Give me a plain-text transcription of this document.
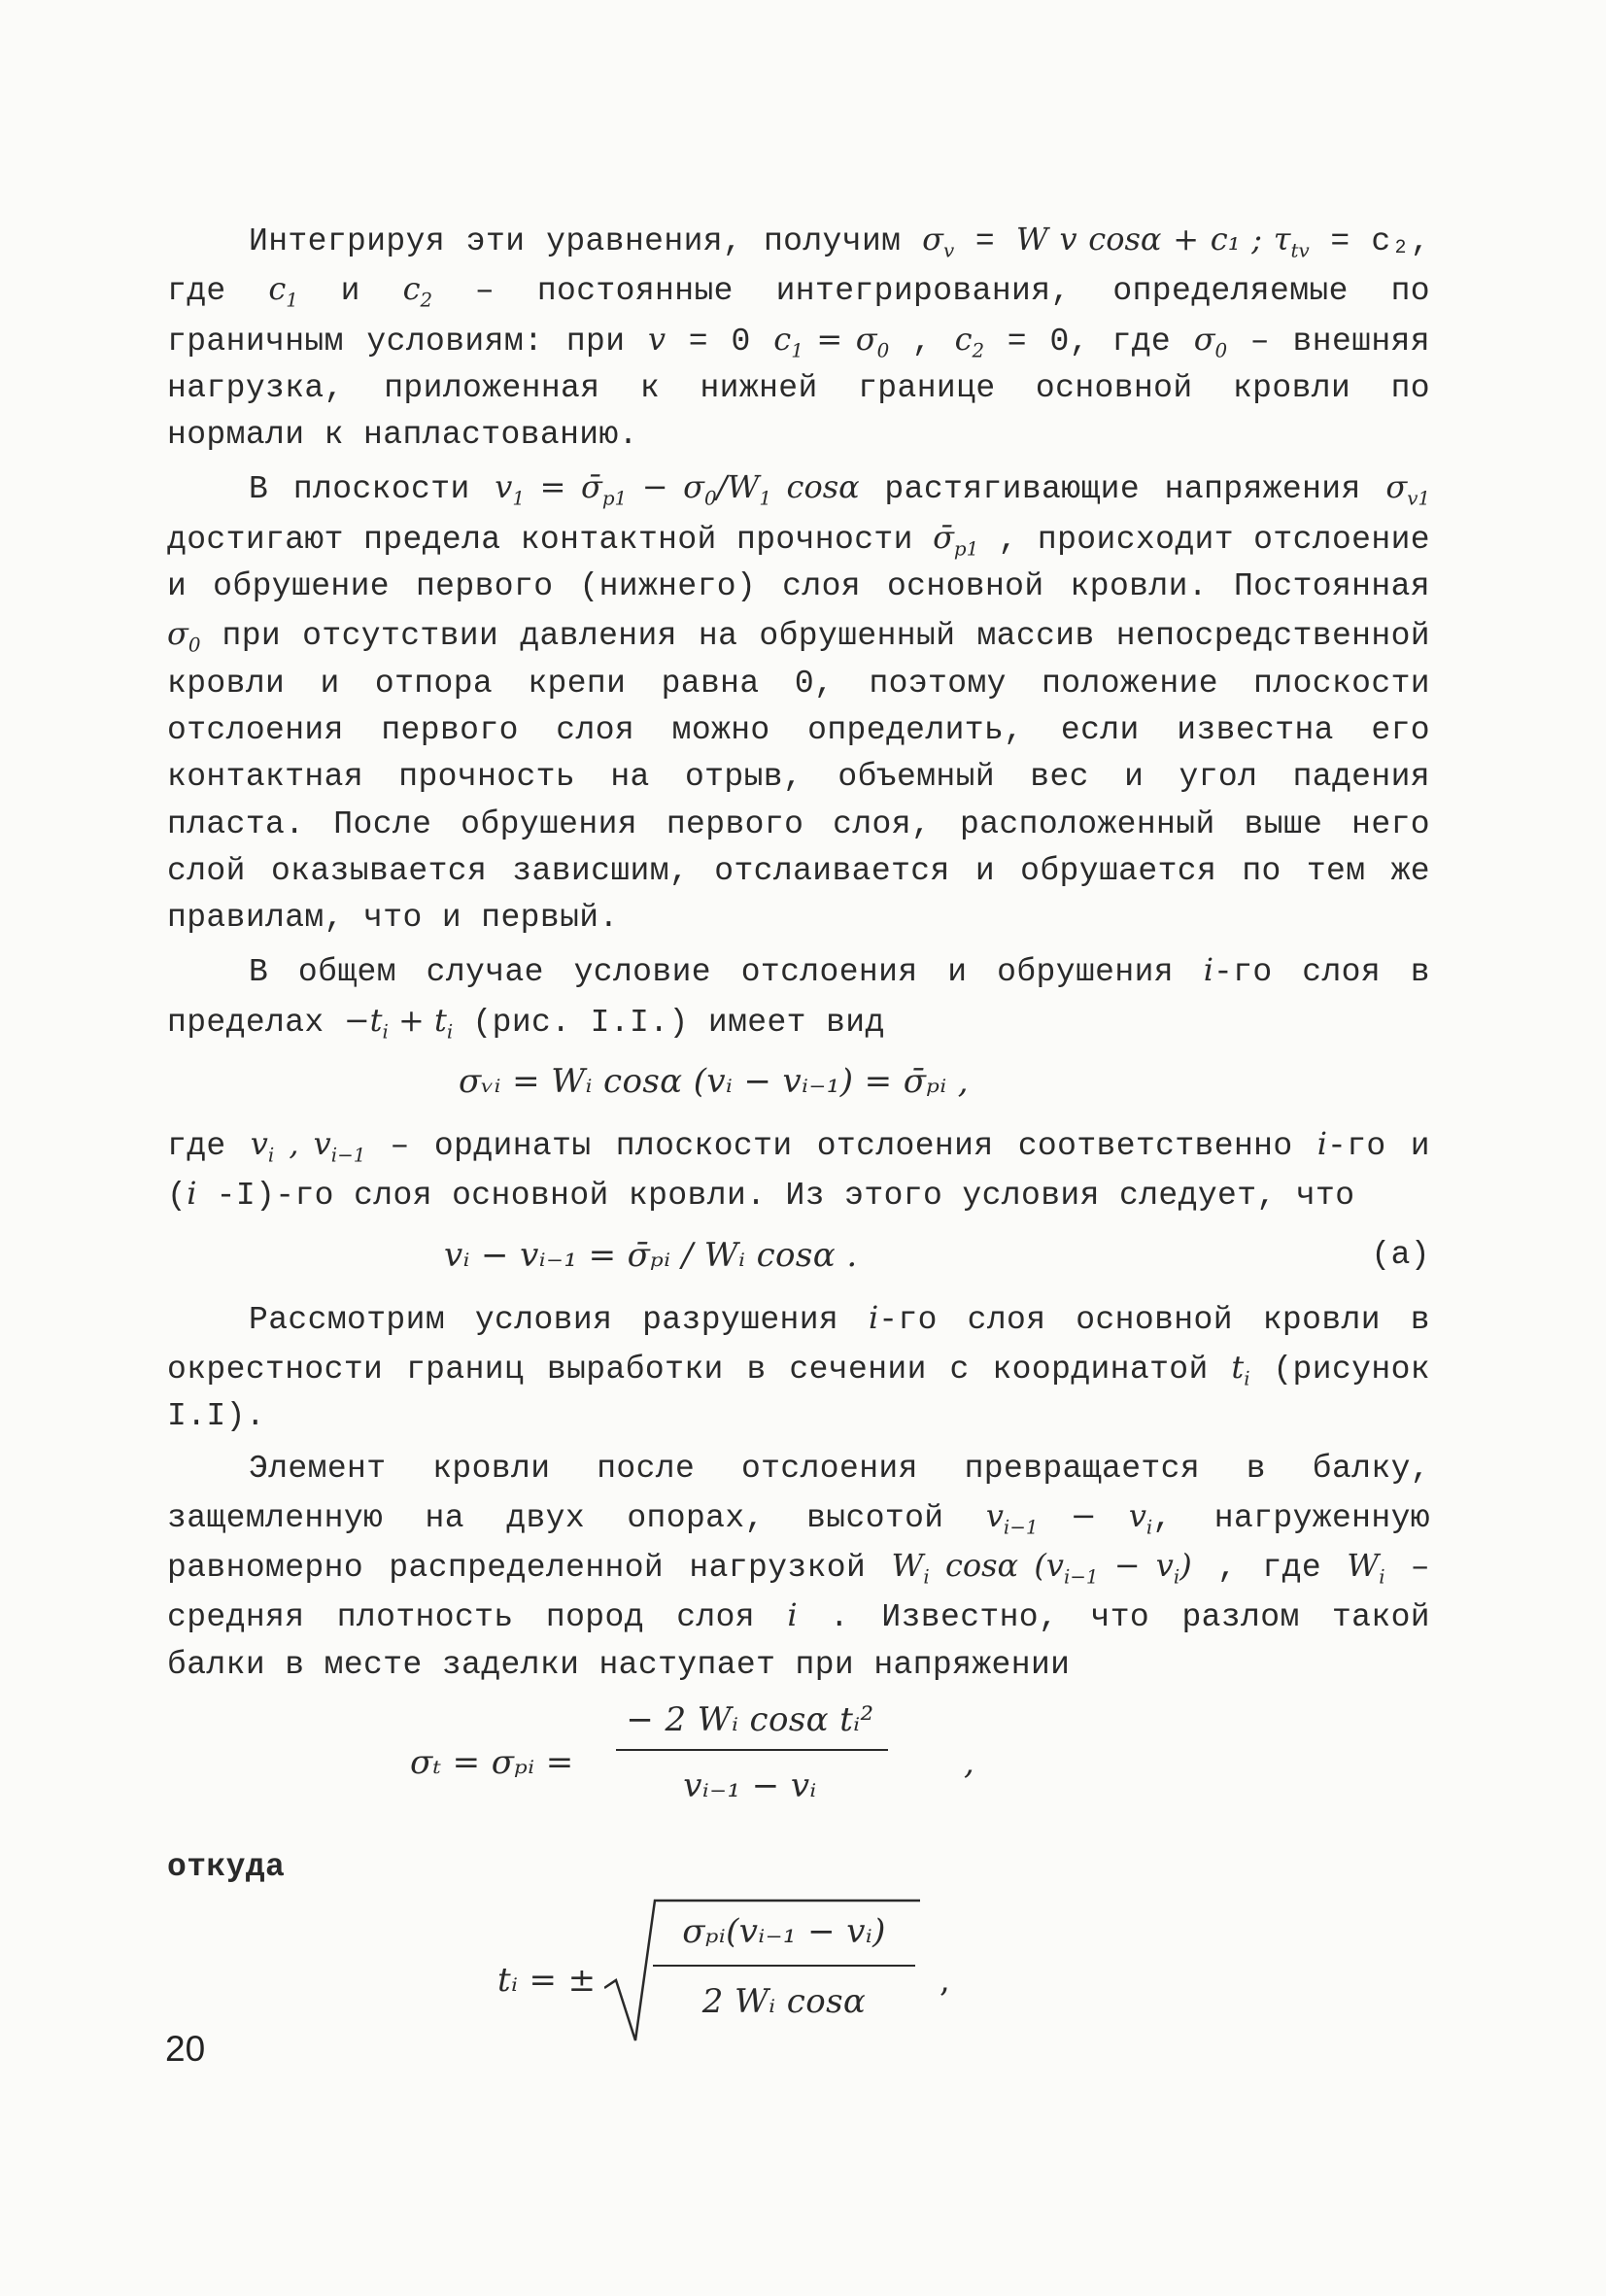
Интегрируя эти уравнения, получим $\sigma_v = W$ v cosα + c₁ ; $\tau_{tv} = c_2$, где $c_1$ и $c_2$ – постоянные интегрирования, определяемые по граничным условиям: при v = 0 $c_1 = \sigma_0$ , $c_2 = 0$, где $\sigma_0$ – внешняя нагрузка, приложенная к нижней границе основной кровли по нормали к напластованию.

В плоскости $v_1$ = $\sigmā_{p1} - \sigma_0/W_1$ cosα растягивающие напряжения $\sigma_{v1}$ достигают предела контактной прочности $\sigmā_{p1}$ , происходит отслоение и обрушение первого (нижнего) слоя основной кровли. Постоянная $\sigma_0$ при отсутствии давления на обрушенный массив непосредственной кровли и отпора крепи равна 0, поэтому положение плоскости отслоения первого слоя можно определить, если известна его контактная прочность на отрыв, объемный вес и угол падения пласта. После обрушения первого слоя, расположенный выше него слой оказывается зависшим, отслаивается и обрушается по тем же правилам, что и первый.

В общем случае условие отслоения и обрушения i-го слоя в пределах $-t_i + t_i$ (рис. I.I.) имеет вид

σᵥᵢ = Wᵢ cosα (vᵢ − vᵢ₋₁) = σ̄ₚᵢ ,

где $v_i$ , $v_{i-1}$ – ординаты плоскости отслоения соответственно i-го и (i -I)-го слоя основной кровли. Из этого условия следует, что

vᵢ − vᵢ₋₁ = σ̄ₚᵢ / Wᵢ cosα .	(а)

Рассмотрим условия разрушения i-го слоя основной кровли в окрестности границ выработки в сечении с координатой $t_i$ (рисунок I.I).

Элемент кровли после отслоения превращается в балку, защемленную на двух опорах, высотой $v_{i-1} - v_i$, нагруженную равномерно распределенной нагрузкой $W_i$ cosα $(v_{i-1} - v_i)$ , где $W_i$ – средняя плотность пород слоя i . Известно, что разлом такой балки в месте заделки наступает при напряжении

σₜ = σₚᵢ =
− 2 Wᵢ cosα tᵢ²
vᵢ₋₁ − vᵢ
,

откуда

tᵢ = ±
σₚᵢ(vᵢ₋₁ − vᵢ)
2 Wᵢ cosα
,
20
